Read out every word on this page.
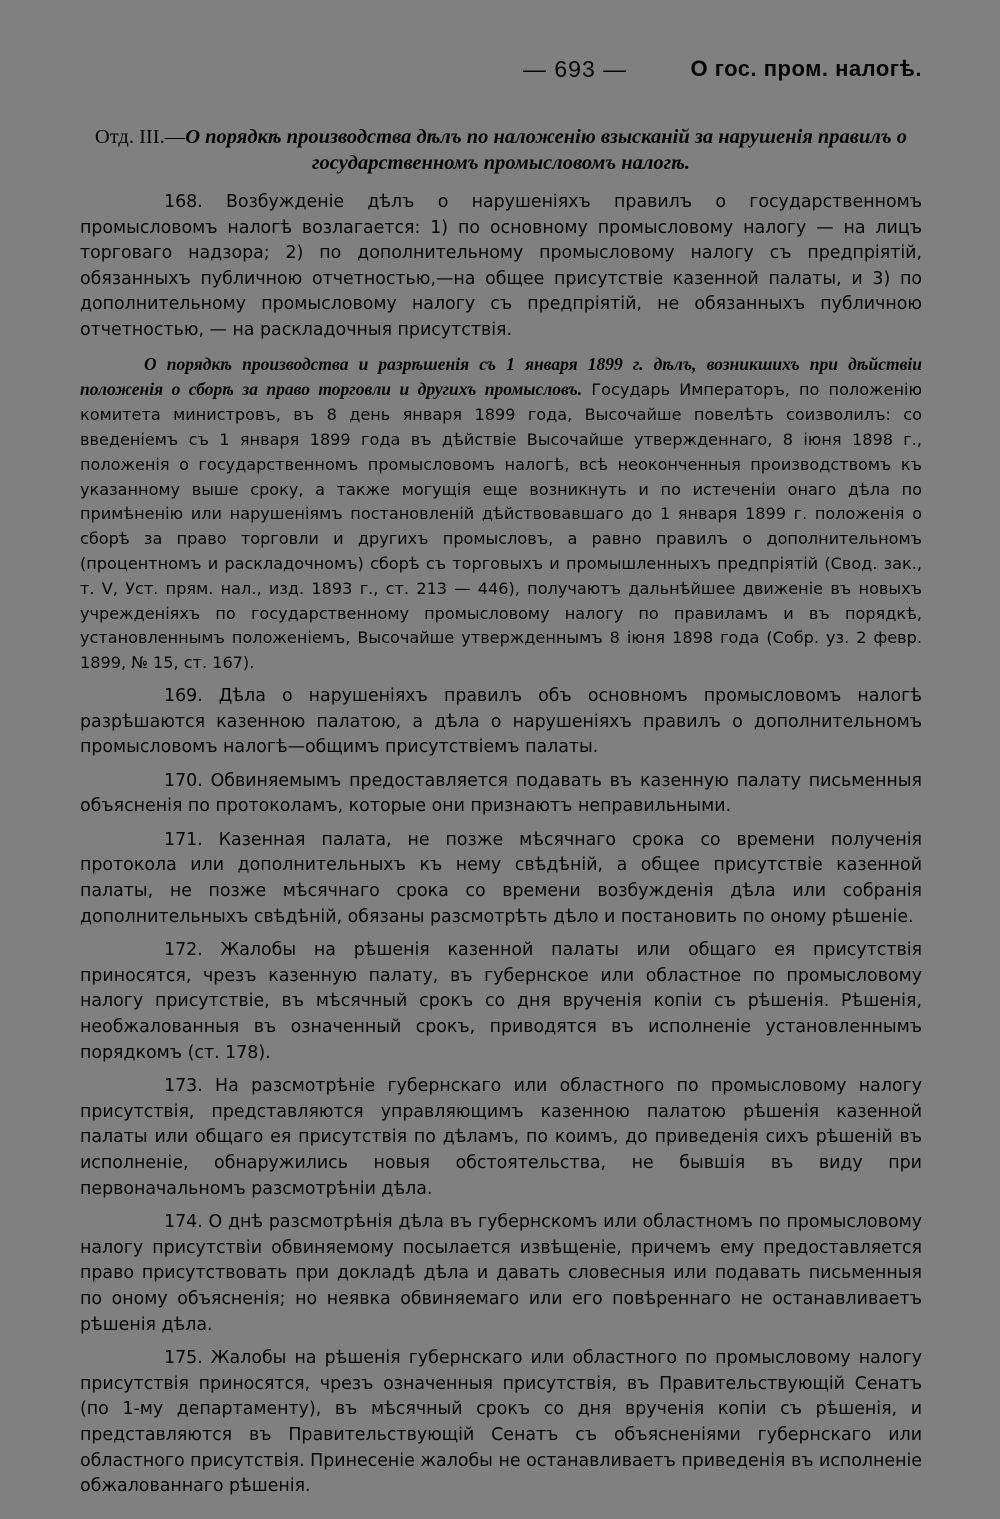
— 693 —	О гос. пром. налогѣ.
Отд. III.—О порядкѣ производства дѣлъ по наложенію взысканій за нарушенія правилъ о государственномъ промысловомъ налогѣ.

168. Возбужденіе дѣлъ о нарушеніяхъ правилъ о государственномъ промысловомъ налогѣ возлагается: 1) по основному промысловому налогу — на лицъ торговаго надзора; 2) по дополнительному промысловому налогу съ предпріятій, обязанныхъ публичною отчетностью,—на общее присутствіе казенной палаты, и 3) по дополнительному промысловому налогу съ предпріятій, не обязанныхъ публичною отчетностью, — на раскладочныя присутствія.

О порядкѣ производства и разрѣшенія съ 1 января 1899 г. дѣлъ, возникшихъ при дѣйствіи положенія о сборѣ за право торговли и другихъ промысловъ. Государь Императоръ, по положенію комитета министровъ, въ 8 день января 1899 года, Высочайше повелѣть соизволилъ: со введеніемъ съ 1 января 1899 года въ дѣйствіе Высочайше утвержденнаго, 8 іюня 1898 г., положенія о государственномъ промысловомъ налогѣ, всѣ неоконченныя производствомъ къ указанному выше сроку, а также могущія еще возникнуть и по истеченіи онаго дѣла по примѣненію или нарушеніямъ постановленій дѣйствовавшаго до 1 января 1899 г. положенія о сборѣ за право торговли и другихъ промысловъ, а равно правилъ о дополнительномъ (процентномъ и раскладочномъ) сборѣ съ торговыхъ и промышленныхъ предпріятій (Свод. зак., т. V, Уст. прям. нал., изд. 1893 г., ст. 213 — 446), получаютъ дальнѣйшее движеніе въ новыхъ учрежденіяхъ по государственному промысловому налогу по правиламъ и въ порядкѣ, установленнымъ положеніемъ, Высочайше утвержденнымъ 8 іюня 1898 года (Собр. уз. 2 февр. 1899, № 15, ст. 167).

169. Дѣла о нарушеніяхъ правилъ объ основномъ промысловомъ налогѣ разрѣшаются казенною палатою, а дѣла о нарушеніяхъ правилъ о дополнительномъ промысловомъ налогѣ—общимъ присутствіемъ палаты.

170. Обвиняемымъ предоставляется подавать въ казенную палату письменныя объясненія по протоколамъ, которые они признаютъ неправильными.

171. Казенная палата, не позже мѣсячнаго срока со времени полученія протокола или дополнительныхъ къ нему свѣдѣній, а общее присутствіе казенной палаты, не позже мѣсячнаго срока со времени возбужденія дѣла или собранія дополнительныхъ свѣдѣній, обязаны разсмотрѣть дѣло и постановить по оному рѣшеніе.

172. Жалобы на рѣшенія казенной палаты или общаго ея присутствія приносятся, чрезъ казенную палату, въ губернское или областное по промысловому налогу присутствіе, въ мѣсячный срокъ со дня врученія копіи съ рѣшенія. Рѣшенія, необжалованныя въ означенный срокъ, приводятся въ исполненіе установленнымъ порядкомъ (ст. 178).

173. На разсмотрѣніе губернскаго или областного по промысловому налогу присутствія, представляются управляющимъ казенною палатою рѣшенія казенной палаты или общаго ея присутствія по дѣламъ, по коимъ, до приведенія сихъ рѣшеній въ исполненіе, обнаружились новыя обстоятельства, не бывшія въ виду при первоначальномъ разсмотрѣніи дѣла.

174. О днѣ разсмотрѣнія дѣла въ губернскомъ или областномъ по промысловому налогу присутствіи обвиняемому посылается извѣщеніе, причемъ ему предоставляется право присутствовать при докладѣ дѣла и давать словесныя или подавать письменныя по оному объясненія; но неявка обвиняемаго или его повѣреннаго не останавливаетъ рѣшенія дѣла.

175. Жалобы на рѣшенія губернскаго или областного по промысловому налогу присутствія приносятся, чрезъ означенныя присутствія, въ Правительствующій Сенатъ (по 1-му департаменту), въ мѣсячный срокъ со дня врученія копіи съ рѣшенія, и представляются въ Правительствующій Сенатъ съ объясненіями губернскаго или областного присутствія. Принесеніе жалобы не останавливаетъ приведенія въ исполненіе обжалованнаго рѣшенія.
